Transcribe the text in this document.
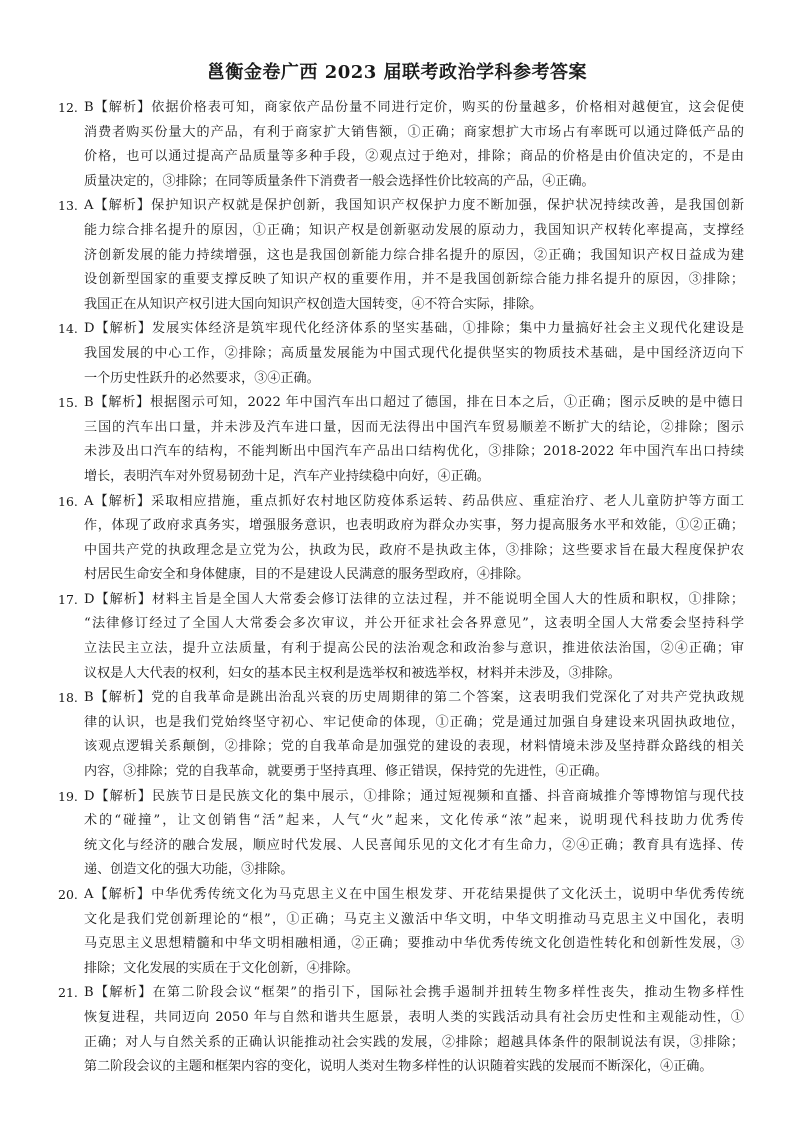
邕衡金卷广西 2023 届联考政治学科参考答案
12. B【解析】依据价格表可知，商家依产品份量不同进行定价，购买的份量越多，价格相对越便宜，这会促使
消费者购买份量大的产品，有利于商家扩大销售额，①正确；商家想扩大市场占有率既可以通过降低产品的
价格，也可以通过提高产品质量等多种手段，②观点过于绝对，排除；商品的价格是由价值决定的，不是由
质量决定的，③排除；在同等质量条件下消费者一般会选择性价比较高的产品，④正确。
13. A【解析】保护知识产权就是保护创新，我国知识产权保护力度不断加强，保护状况持续改善，是我国创新
能力综合排名提升的原因，①正确；知识产权是创新驱动发展的原动力，我国知识产权转化率提高，支撑经
济创新发展的能力持续增强，这也是我国创新能力综合排名提升的原因，②正确；我国知识产权日益成为建
设创新型国家的重要支撑反映了知识产权的重要作用，并不是我国创新综合能力排名提升的原因，③排除；
我国正在从知识产权引进大国向知识产权创造大国转变，④不符合实际，排除。
14. D【解析】发展实体经济是筑牢现代化经济体系的坚实基础，①排除；集中力量搞好社会主义现代化建设是
我国发展的中心工作，②排除；高质量发展能为中国式现代化提供坚实的物质技术基础，是中国经济迈向下
一个历史性跃升的必然要求，③④正确。
15. B【解析】根据图示可知，2022 年中国汽车出口超过了德国，排在日本之后，①正确；图示反映的是中德日
三国的汽车出口量，并未涉及汽车进口量，因而无法得出中国汽车贸易顺差不断扩大的结论，②排除；图示
未涉及出口汽车的结构，不能判断出中国汽车产品出口结构优化，③排除；2018-2022 年中国汽车出口持续
增长，表明汽车对外贸易韧劲十足，汽车产业持续稳中向好，④正确。
16. A【解析】采取相应措施，重点抓好农村地区防疫体系运转、药品供应、重症治疗、老人儿童防护等方面工
作，体现了政府求真务实，增强服务意识，也表明政府为群众办实事，努力提高服务水平和效能，①②正确；
中国共产党的执政理念是立党为公，执政为民，政府不是执政主体，③排除；这些要求旨在最大程度保护农
村居民生命安全和身体健康，目的不是建设人民满意的服务型政府，④排除。
17. D【解析】材料主旨是全国人大常委会修订法律的立法过程，并不能说明全国人大的性质和职权，①排除；
“法律修订经过了全国人大常委会多次审议，并公开征求社会各界意见”，这表明全国人大常委会坚持科学
立法民主立法，提升立法质量，有利于提高公民的法治观念和政治参与意识，推进依法治国，②④正确；审
议权是人大代表的权利，妇女的基本民主权利是选举权和被选举权，材料并未涉及，③排除。
18. B【解析】党的自我革命是跳出治乱兴衰的历史周期律的第二个答案，这表明我们党深化了对共产党执政规
律的认识，也是我们党始终坚守初心、牢记使命的体现，①正确；党是通过加强自身建设来巩固执政地位，
该观点逻辑关系颠倒，②排除；党的自我革命是加强党的建设的表现，材料情境未涉及坚持群众路线的相关
内容，③排除；党的自我革命，就要勇于坚持真理、修正错误，保持党的先进性，④正确。
19. D【解析】民族节日是民族文化的集中展示，①排除；通过短视频和直播、抖音商城推介等博物馆与现代技
术的“碰撞”，让文创销售“活”起来，人气“火”起来，文化传承“浓”起来，说明现代科技助力优秀传
统文化与经济的融合发展，顺应时代发展、人民喜闻乐见的文化才有生命力，②④正确；教育具有选择、传
递、创造文化的强大功能，③排除。
20. A【解析】中华优秀传统文化为马克思主义在中国生根发芽、开花结果提供了文化沃土，说明中华优秀传统
文化是我们党创新理论的“根”，①正确；马克主义激活中华文明，中华文明推动马克思主义中国化，表明
马克思主义思想精髓和中华文明相融相通，②正确；要推动中华优秀传统文化创造性转化和创新性发展，③
排除；文化发展的实质在于文化创新，④排除。
21. B【解析】在第二阶段会议“框架”的指引下，国际社会携手遏制并扭转生物多样性丧失，推动生物多样性
恢复进程，共同迈向 2050 年与自然和谐共生愿景，表明人类的实践活动具有社会历史性和主观能动性，①
正确；对人与自然关系的正确认识能推动社会实践的发展，②排除；超越具体条件的限制说法有误，③排除；
第二阶段会议的主题和框架内容的变化，说明人类对生物多样性的认识随着实践的发展而不断深化，④正确。
